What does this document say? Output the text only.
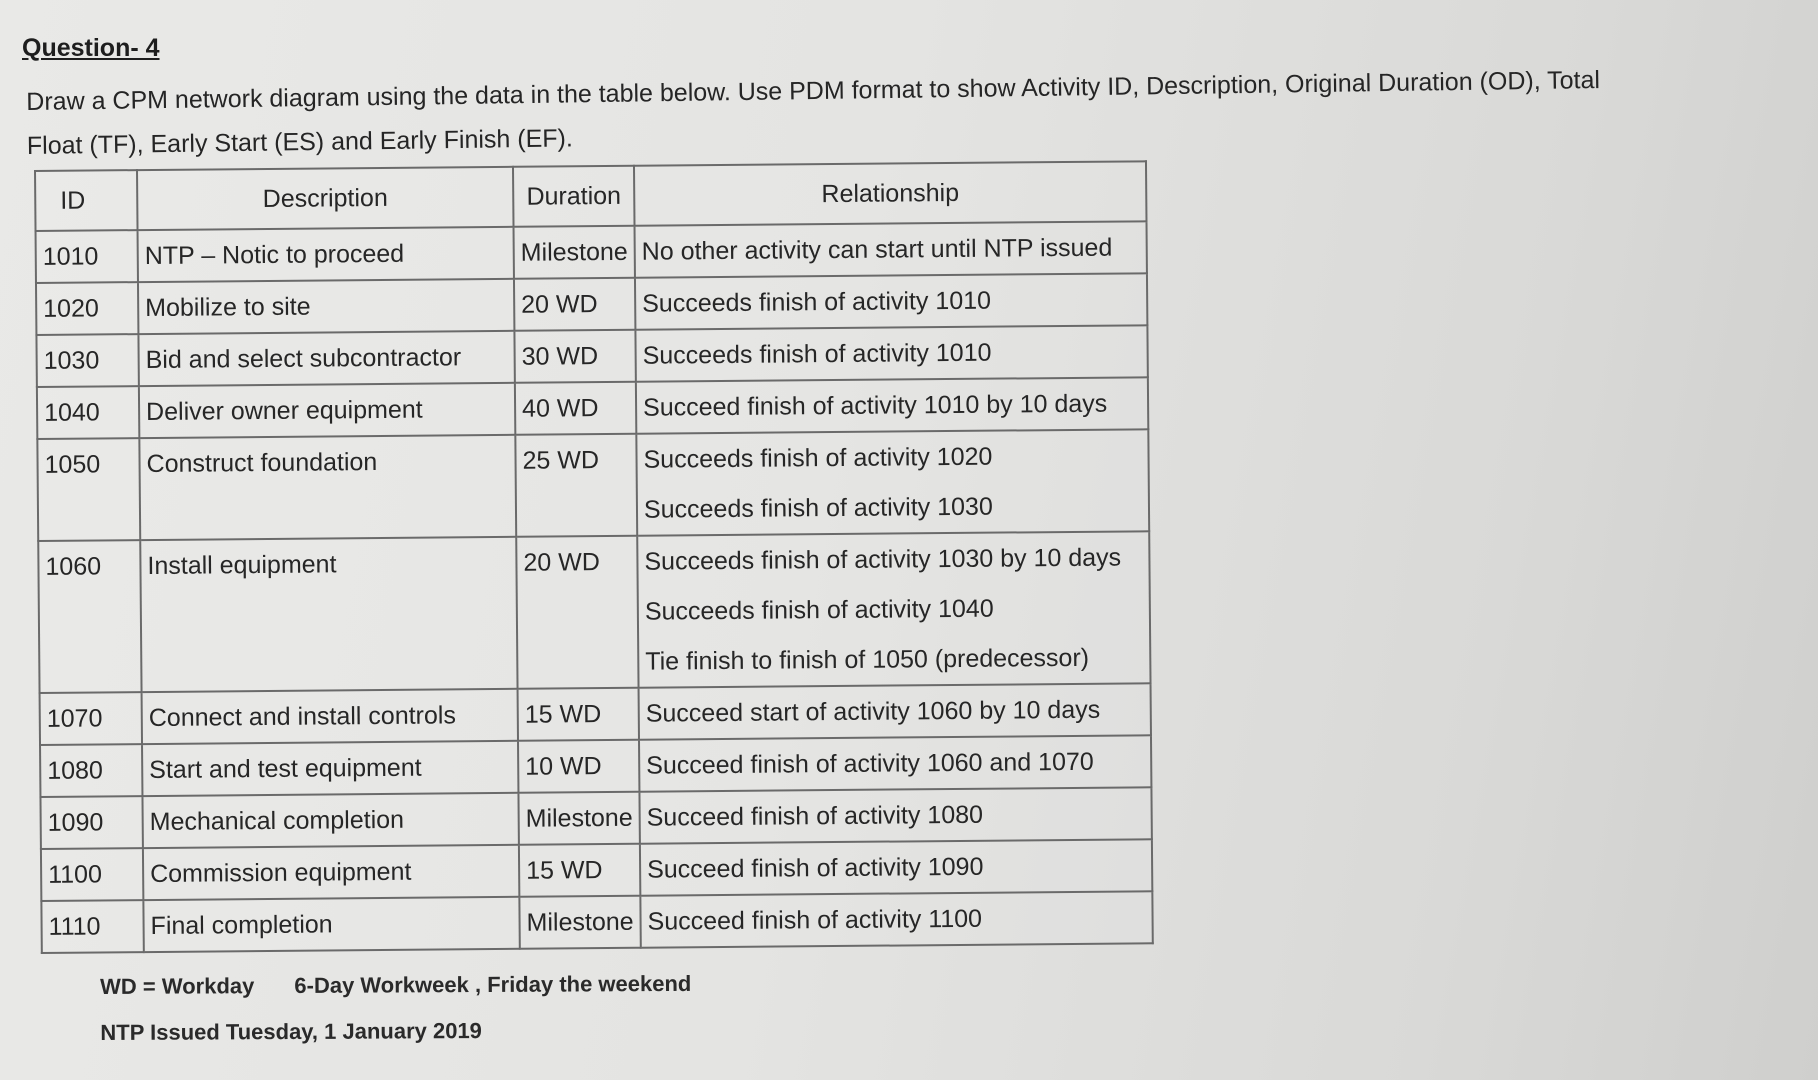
Question- 4

Draw a CPM network diagram using the data in the table below. Use PDM format to show Activity ID, Description, Original Duration (OD), Total

Float (TF), Early Start (ES) and Early Finish (EF).

ID	Description	Duration	Relationship
1010	NTP – Notic to proceed	Milestone	No other activity can start until NTP issued

1020	Mobilize to site	20 WD	Succeeds finish of activity 1010

1030	Bid and select subcontractor	30 WD	Succeeds finish of activity 1010

1040	Deliver owner equipment	40 WD	Succeed finish of activity 1010 by 10 days

1050	Construct foundation	25 WD	Succeeds finish of activity 1020
Succeeds finish of activity 1030

1060	Install equipment	20 WD	Succeeds finish of activity 1030 by 10 days
Succeeds finish of activity 1040
Tie finish to finish of 1050 (predecessor)

1070	Connect and install controls	15 WD	Succeed start of activity 1060 by 10 days

1080	Start and test equipment	10 WD	Succeed finish of activity 1060 and 1070

1090	Mechanical completion	Milestone	Succeed finish of activity 1080

1100	Commission equipment	15 WD	Succeed finish of activity 1090

1110	Final completion	Milestone	Succeed finish of activity 1100
WD = Workday 6-Day Workweek , Friday the weekend
NTP Issued Tuesday, 1 January 2019
